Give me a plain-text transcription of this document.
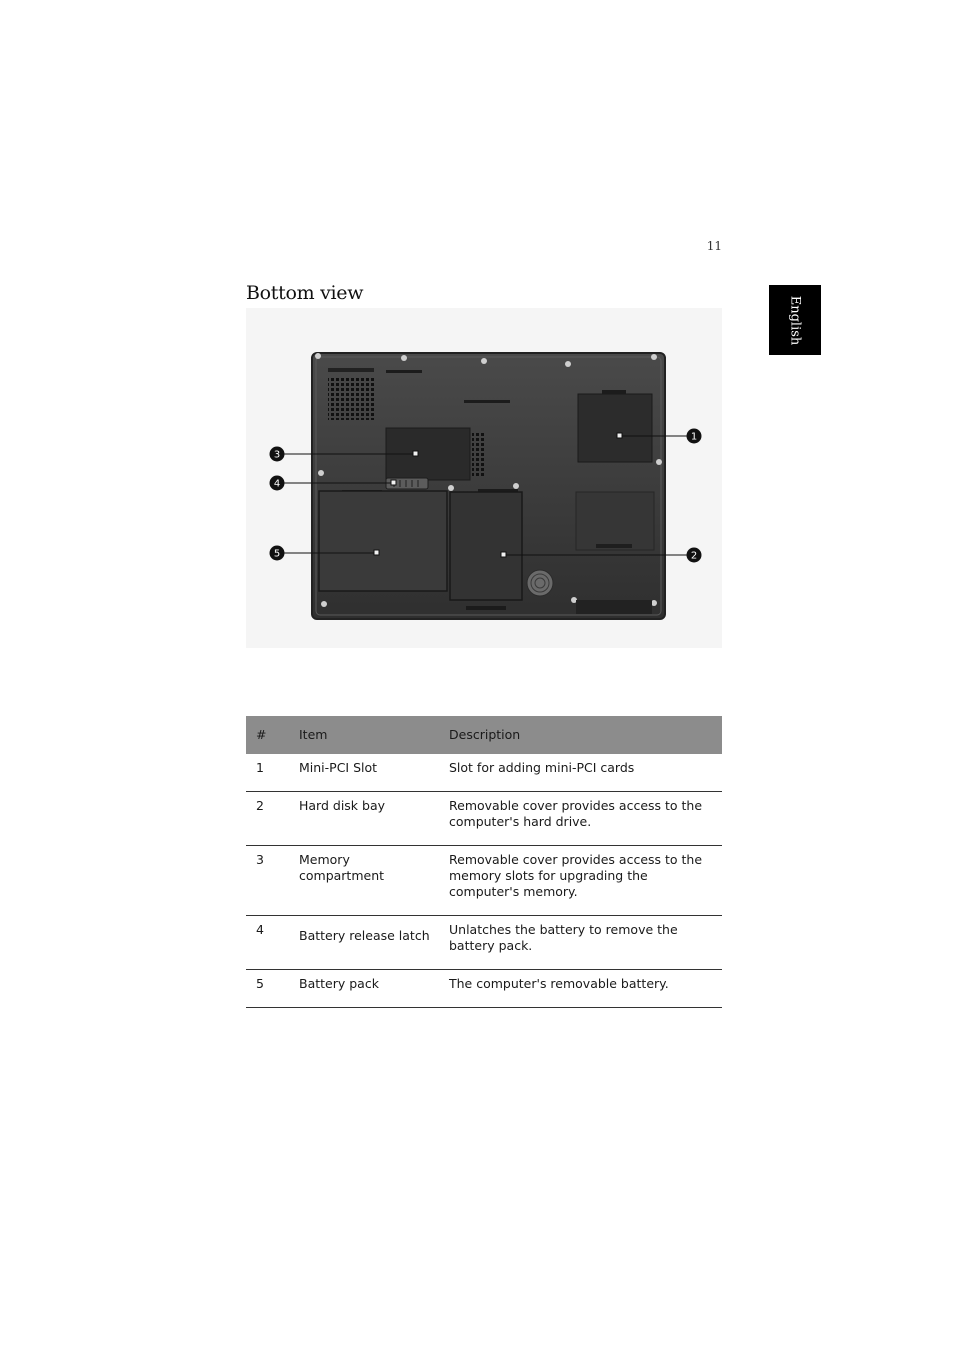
11
English
Bottom view
1
2
3
4
5
#	Item	Description
1	Mini-PCI Slot	Slot for adding mini-PCI cards
2	Hard disk bay	Removable cover provides access to the computer's hard drive.
3	Memory compartment	Removable cover provides access to the memory slots for upgrading the computer's memory.
4	Battery release latch	Unlatches the battery to remove the battery pack.
5	Battery pack	The computer's removable battery.
